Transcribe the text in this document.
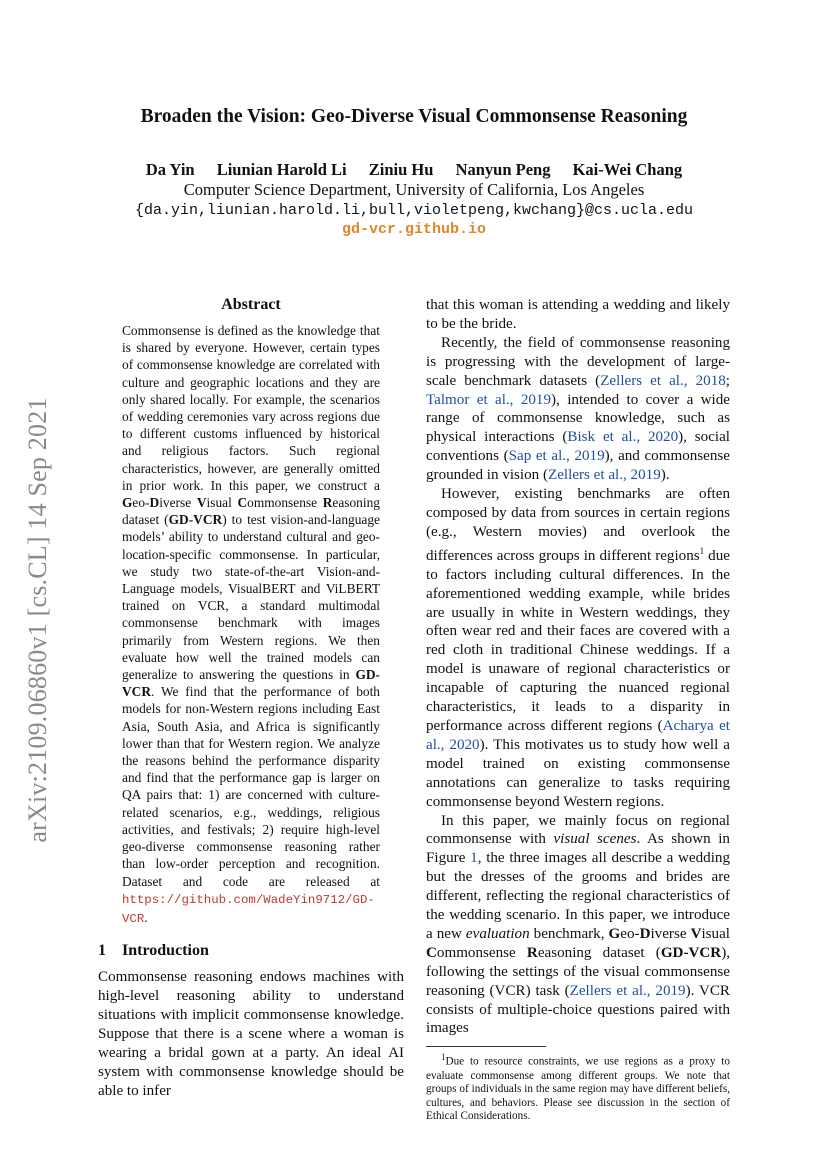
arXiv:2109.06860v1 [cs.CL] 14 Sep 2021
Broaden the Vision: Geo-Diverse Visual Commonsense Reasoning
Da Yin Liunian Harold Li Ziniu Hu Nanyun Peng Kai-Wei Chang
Computer Science Department, University of California, Los Angeles
{da.yin,liunian.harold.li,bull,violetpeng,kwchang}@cs.ucla.edu
gd-vcr.github.io
Abstract
Commonsense is defined as the knowledge that is shared by everyone. However, certain types of commonsense knowledge are correlated with culture and geographic locations and they are only shared locally. For example, the scenarios of wedding ceremonies vary across regions due to different customs influenced by historical and religious factors. Such regional characteristics, however, are generally omitted in prior work. In this paper, we construct a Geo-Diverse Visual Commonsense Reasoning dataset (GD-VCR) to test vision-and-language models’ ability to understand cultural and geo-location-specific commonsense. In particular, we study two state-of-the-art Vision-and-Language models, VisualBERT and ViLBERT trained on VCR, a standard multimodal commonsense benchmark with images primarily from Western regions. We then evaluate how well the trained models can generalize to answering the questions in GD-VCR. We find that the performance of both models for non-Western regions including East Asia, South Asia, and Africa is significantly lower than that for Western region. We analyze the reasons behind the performance disparity and find that the performance gap is larger on QA pairs that: 1) are concerned with culture-related scenarios, e.g., weddings, religious activities, and festivals; 2) require high-level geo-diverse commonsense reasoning rather than low-order perception and recognition. Dataset and code are released at https://github.com/WadeYin9712/GD-VCR.
1 Introduction

Commonsense reasoning endows machines with high-level reasoning ability to understand situations with implicit commonsense knowledge. Suppose that there is a scene where a woman is wearing a bridal gown at a party. An ideal AI system with commonsense knowledge should be able to infer

that this woman is attending a wedding and likely to be the bride.

Recently, the field of commonsense reasoning is progressing with the development of large-scale benchmark datasets (Zellers et al., 2018; Talmor et al., 2019), intended to cover a wide range of commonsense knowledge, such as physical interactions (Bisk et al., 2020), social conventions (Sap et al., 2019), and commonsense grounded in vision (Zellers et al., 2019).

However, existing benchmarks are often composed by data from sources in certain regions (e.g., Western movies) and overlook the differences across groups in different regions$^1$ due to factors including cultural differences. In the aforementioned wedding example, while brides are usually in white in Western weddings, they often wear red and their faces are covered with a red cloth in traditional Chinese weddings. If a model is unaware of regional characteristics or incapable of capturing the nuanced regional characteristics, it leads to a disparity in performance across different regions (Acharya et al., 2020). This motivates us to study how well a model trained on existing commonsense annotations can generalize to tasks requiring commonsense beyond Western regions.

In this paper, we mainly focus on regional commonsense with visual scenes. As shown in Figure 1, the three images all describe a wedding but the dresses of the grooms and brides are different, reflecting the regional characteristics of the wedding scenario. In this paper, we introduce a new evaluation benchmark, Geo-Diverse Visual Commonsense Reasoning dataset (GD-VCR), following the settings of the visual commonsense reasoning (VCR) task (Zellers et al., 2019). VCR consists of multiple-choice questions paired with images

$^1$Due to resource constraints, we use regions as a proxy to evaluate commonsense among different groups. We note that groups of individuals in the same region may have different beliefs, cultures, and behaviors. Please see discussion in the section of Ethical Considerations.
